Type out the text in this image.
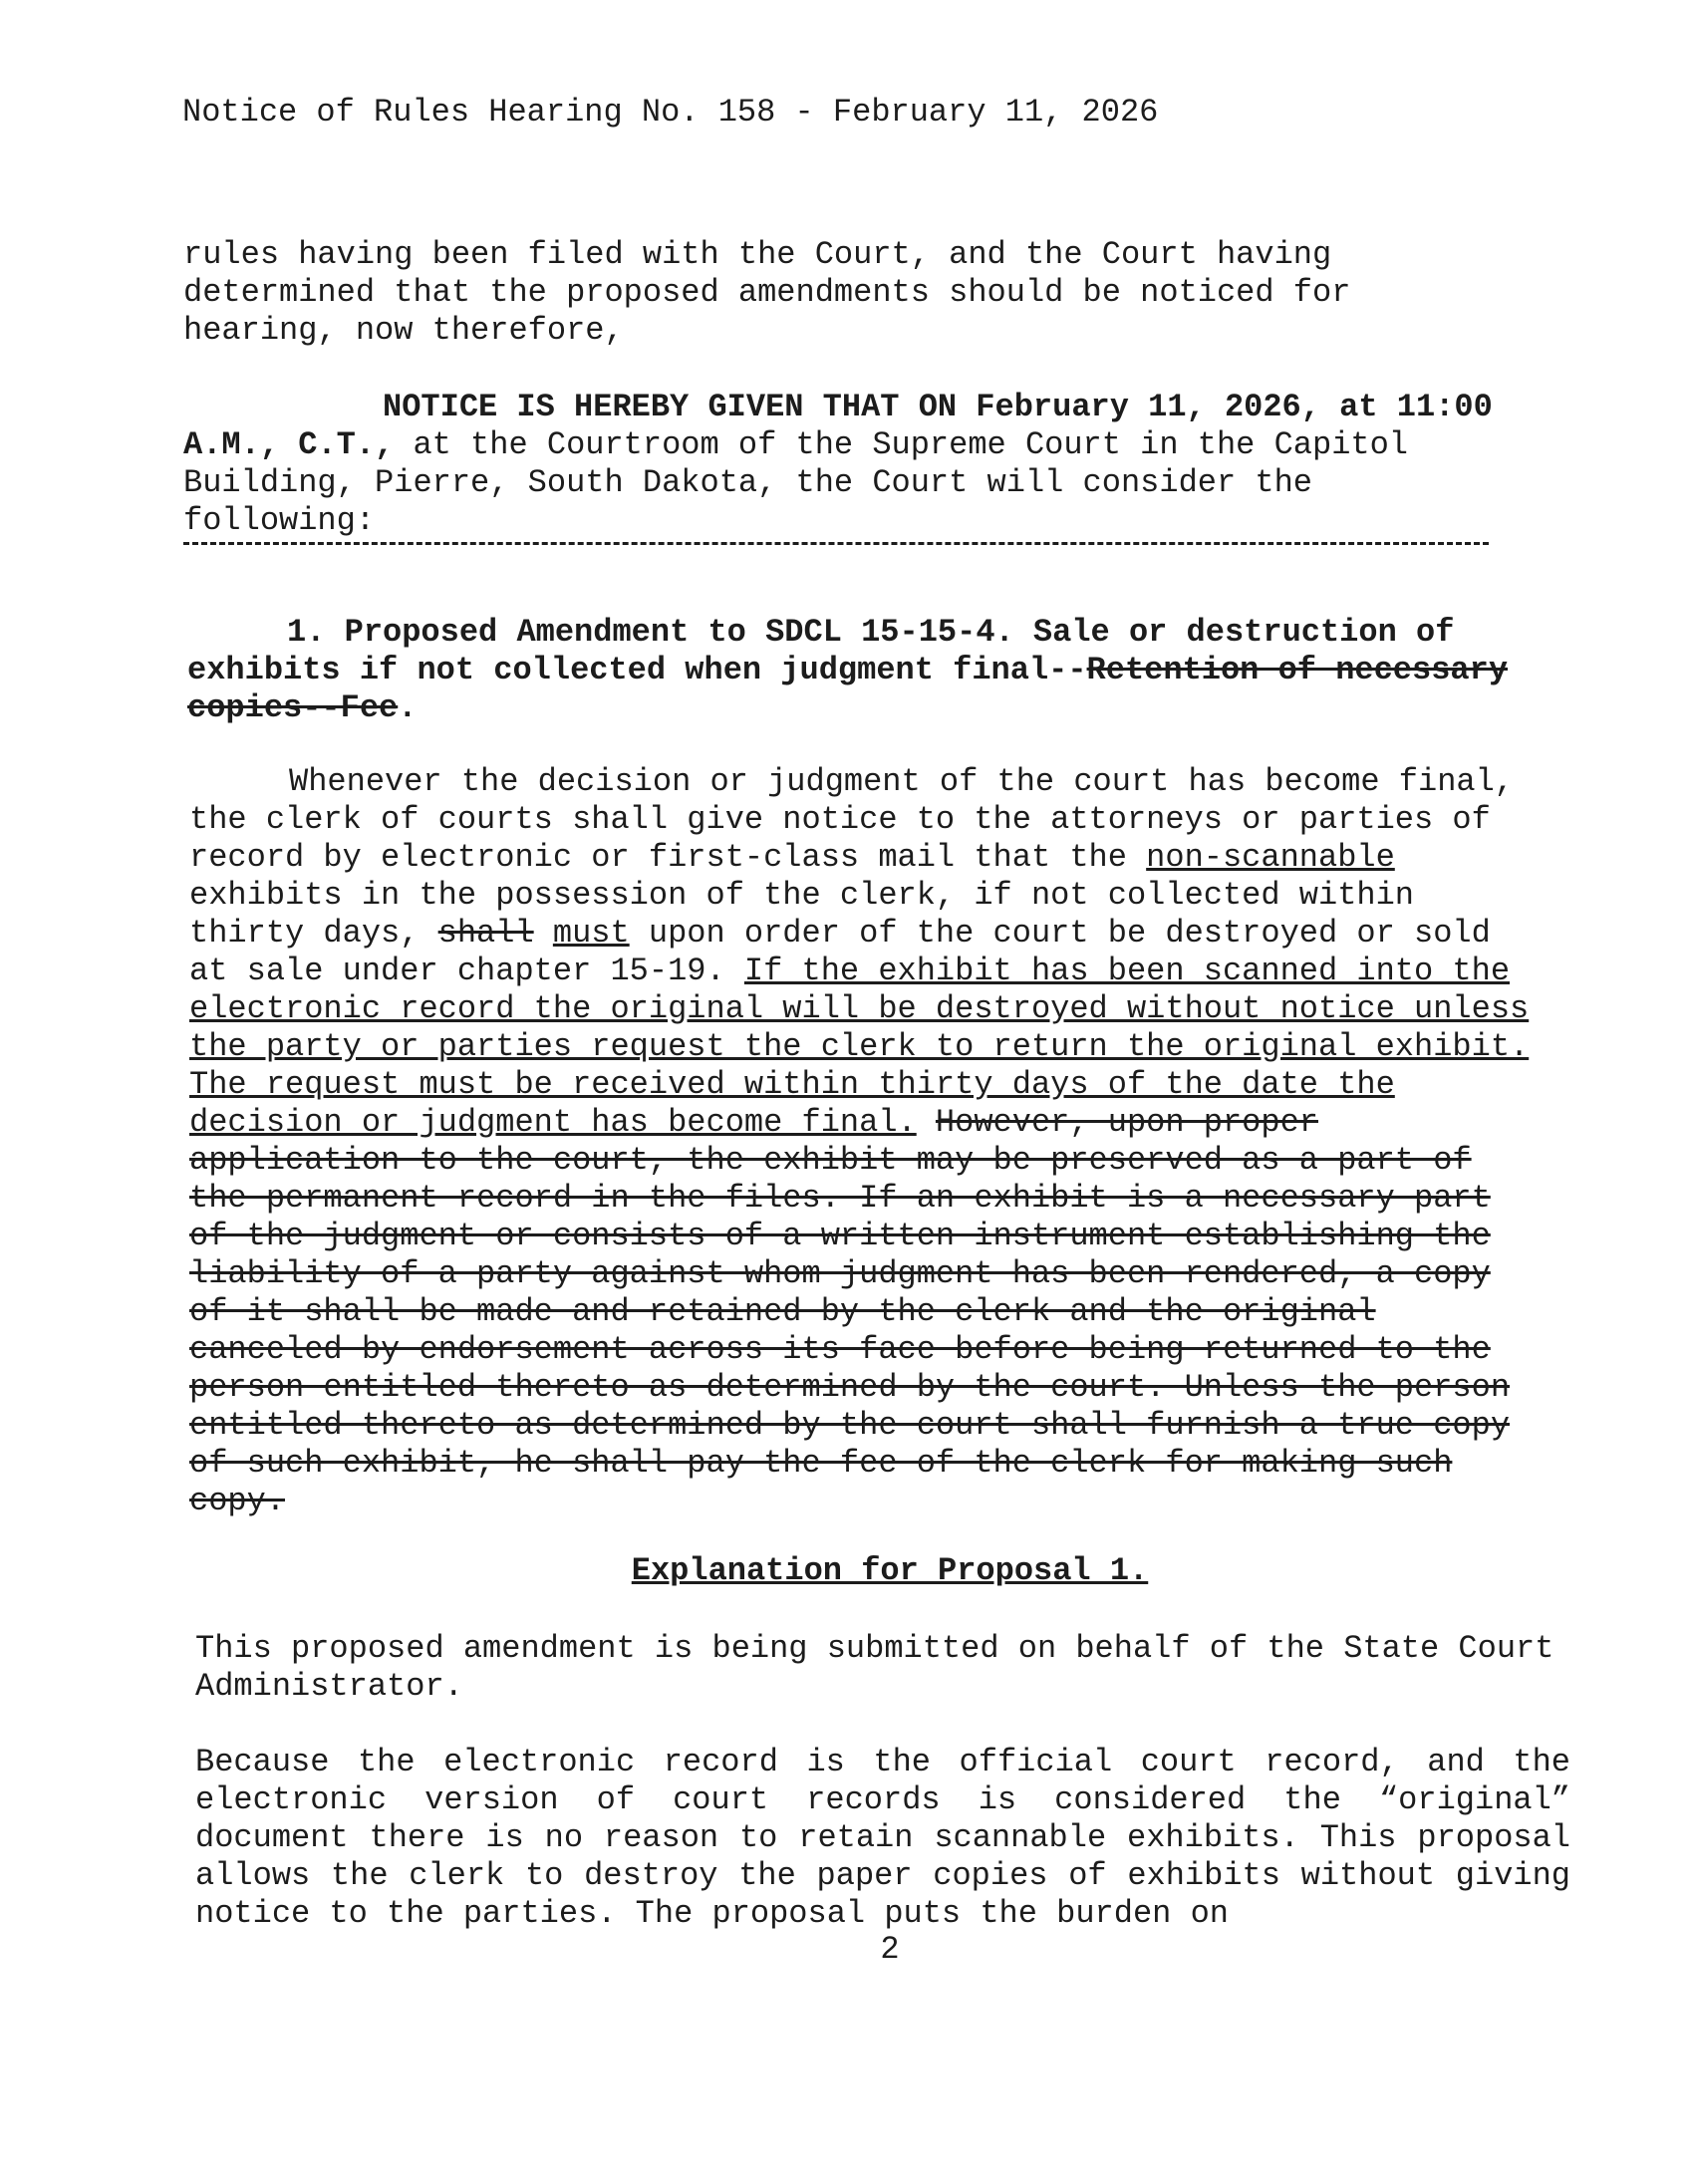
Notice of Rules Hearing No. 158 - February 11, 2026

rules having been filed with the Court, and the Court having determined that the proposed amendments should be noticed for hearing, now therefore,

NOTICE IS HEREBY GIVEN THAT ON February 11, 2026, at 11:00 A.M., C.T., at the Courtroom of the Supreme Court in the Capitol Building, Pierre, South Dakota, the Court will consider the following:

1. Proposed Amendment to SDCL 15-15-4. Sale or destruction of exhibits if not collected when judgment final--Retention of necessary copies--Fee.

Whenever the decision or judgment of the court has become final, the clerk of courts shall give notice to the attorneys or parties of record by electronic or first-class mail that the non-scannable exhibits in the possession of the clerk, if not collected within thirty days, shall must upon order of the court be destroyed or sold at sale under chapter 15-19. If the exhibit has been scanned into the electronic record the original will be destroyed without notice unless the party or parties request the clerk to return the original exhibit. The request must be received within thirty days of the date the decision or judgment has become final. However, upon proper application to the court, the exhibit may be preserved as a part of the permanent record in the files. If an exhibit is a necessary part of the judgment or consists of a written instrument establishing the liability of a party against whom judgment has been rendered, a copy of it shall be made and retained by the clerk and the original canceled by endorsement across its face before being returned to the person entitled thereto as determined by the court. Unless the person entitled thereto as determined by the court shall furnish a true copy of such exhibit, he shall pay the fee of the clerk for making such copy.

Explanation for Proposal 1.

This proposed amendment is being submitted on behalf of the State Court Administrator.

Because the electronic record is the official court record, and the electronic version of court records is considered the “original” document there is no reason to retain scannable exhibits. This proposal allows the clerk to destroy the paper copies of exhibits without giving notice to the parties. The proposal puts the burden on

2
